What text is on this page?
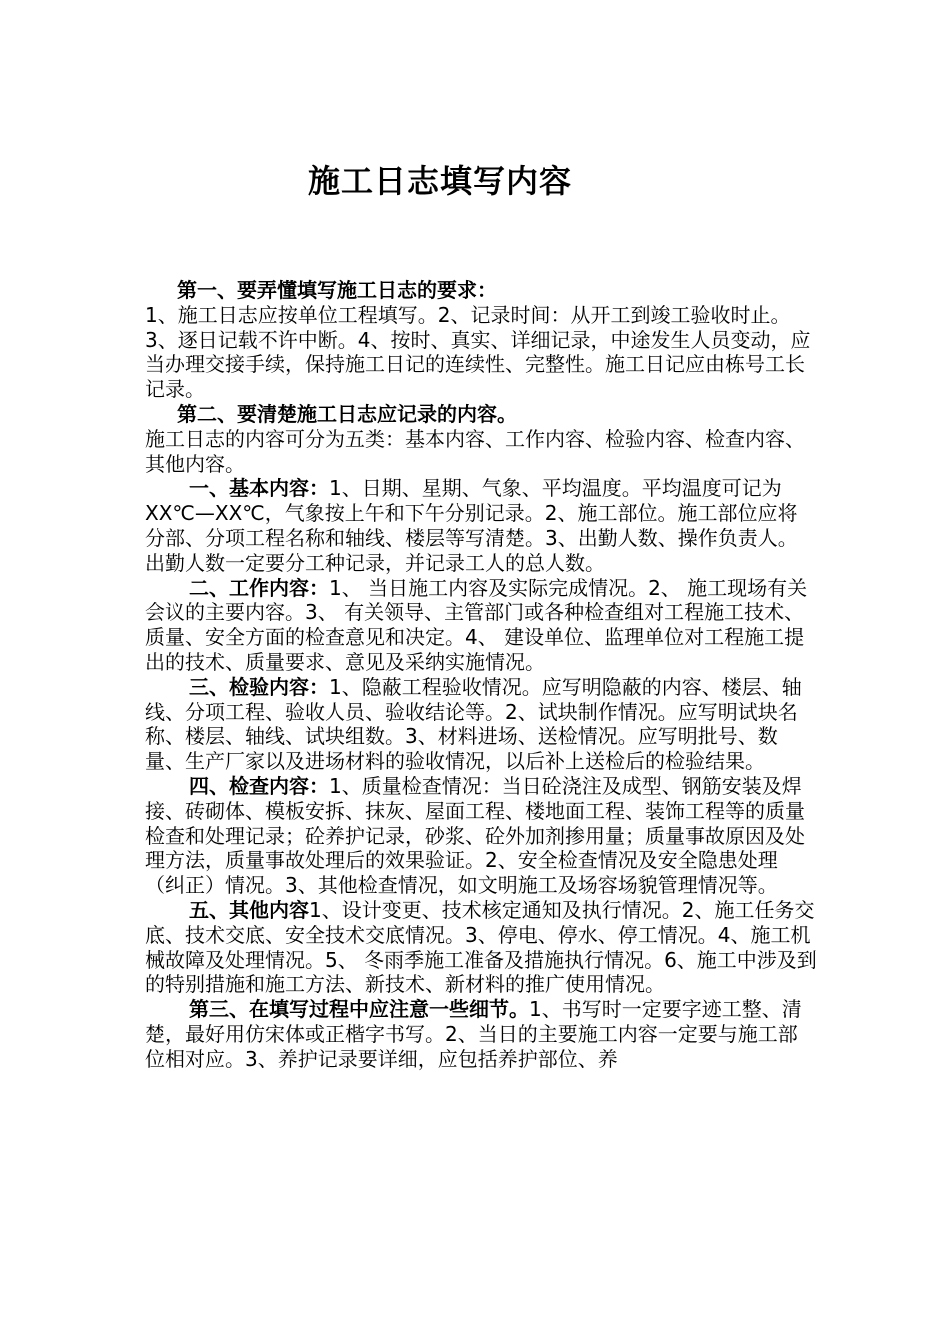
施工日志填写内容

第一、要弄懂填写施工日志的要求：

1、施工日志应按单位工程填写。2、记录时间：从开工到竣工验收时止。3、逐日记载不许中断。4、按时、真实、详细记录，中途发生人员变动，应当办理交接手续，保持施工日记的连续性、完整性。施工日记应由栋号工长记录。

第二、要清楚施工日志应记录的内容。

施工日志的内容可分为五类：基本内容、工作内容、检验内容、检查内容、其他内容。

一、基本内容：1、日期、星期、气象、平均温度。平均温度可记为 XX℃—XX℃，气象按上午和下午分别记录。2、施工部位。施工部位应将分部、分项工程名称和轴线、楼层等写清楚。3、出勤人数、操作负责人。出勤人数一定要分工种记录，并记录工人的总人数。

二、工作内容：1、 当日施工内容及实际完成情况。2、 施工现场有关会议的主要内容。3、 有关领导、主管部门或各种检查组对工程施工技术、质量、安全方面的检查意见和决定。4、 建设单位、监理单位对工程施工提出的技术、质量要求、意见及采纳实施情况。

三、检验内容：1、隐蔽工程验收情况。应写明隐蔽的内容、楼层、轴线、分项工程、验收人员、验收结论等。2、试块制作情况。应写明试块名称、楼层、轴线、试块组数。3、材料进场、送检情况。应写明批号、数量、生产厂家以及进场材料的验收情况，以后补上送检后的检验结果。

四、检查内容：1、质量检查情况：当日砼浇注及成型、钢筋安装及焊接、砖砌体、模板安拆、抹灰、屋面工程、楼地面工程、装饰工程等的质量检查和处理记录；砼养护记录，砂浆、砼外加剂掺用量；质量事故原因及处理方法，质量事故处理后的效果验证。2、安全检查情况及安全隐患处理（纠正）情况。3、其他检查情况，如文明施工及场容场貌管理情况等。

五、其他内容1、设计变更、技术核定通知及执行情况。2、施工任务交底、技术交底、安全技术交底情况。3、停电、停水、停工情况。4、施工机械故障及处理情况。5、 冬雨季施工准备及措施执行情况。6、施工中涉及到的特别措施和施工方法、新技术、新材料的推广使用情况。

第三、在填写过程中应注意一些细节。1、书写时一定要字迹工整、清楚，最好用仿宋体或正楷字书写。2、当日的主要施工内容一定要与施工部位相对应。3、养护记录要详细，应包括养护部位、养
